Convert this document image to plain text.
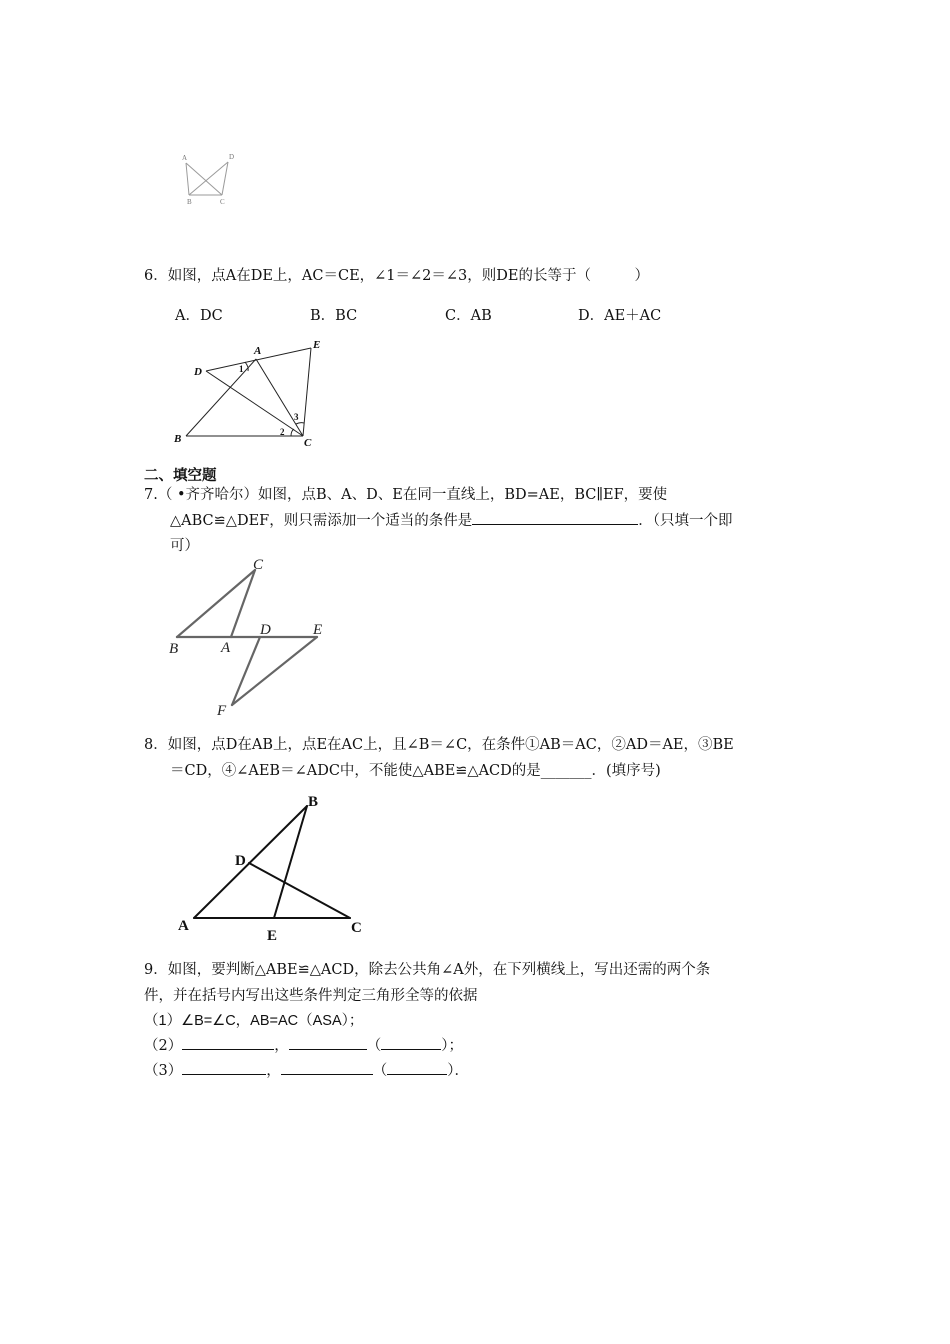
A	D
B	C
6．如图，点A在DE上，AC＝CE，∠1＝∠2＝∠3，则DE的长等于（　　　）
A．DC	B．BC	C．AB	D．AE＋AC
A	E
D
B	C
1
2
3
二、填空题
7.（ •齐齐哈尔）如图，点B、A、D、E在同一直线上，BD=AE，BC∥EF，要使
△ABC≌△DEF，则只需添加一个适当的条件是	．（只填一个即
可）
C
B	A
D	E
F
8．如图，点D在AB上，点E在AC上，且∠B＝∠C，在条件①AB＝AC，②AD＝AE，③BE
＝CD，④∠AEB＝∠ADC中，不能使△ABE≌△ACD的是_______．(填序号)
B
D
A
E	C
9．如图，要判断△ABE≌△ACD，除去公共角∠A外，在下列横线上，写出还需的两个条
件，并在括号内写出这些条件判定三角形全等的依据
（1）∠B=∠C，AB=AC（ASA）；
（2）	，	（	）；
（3）	，	（	）．
